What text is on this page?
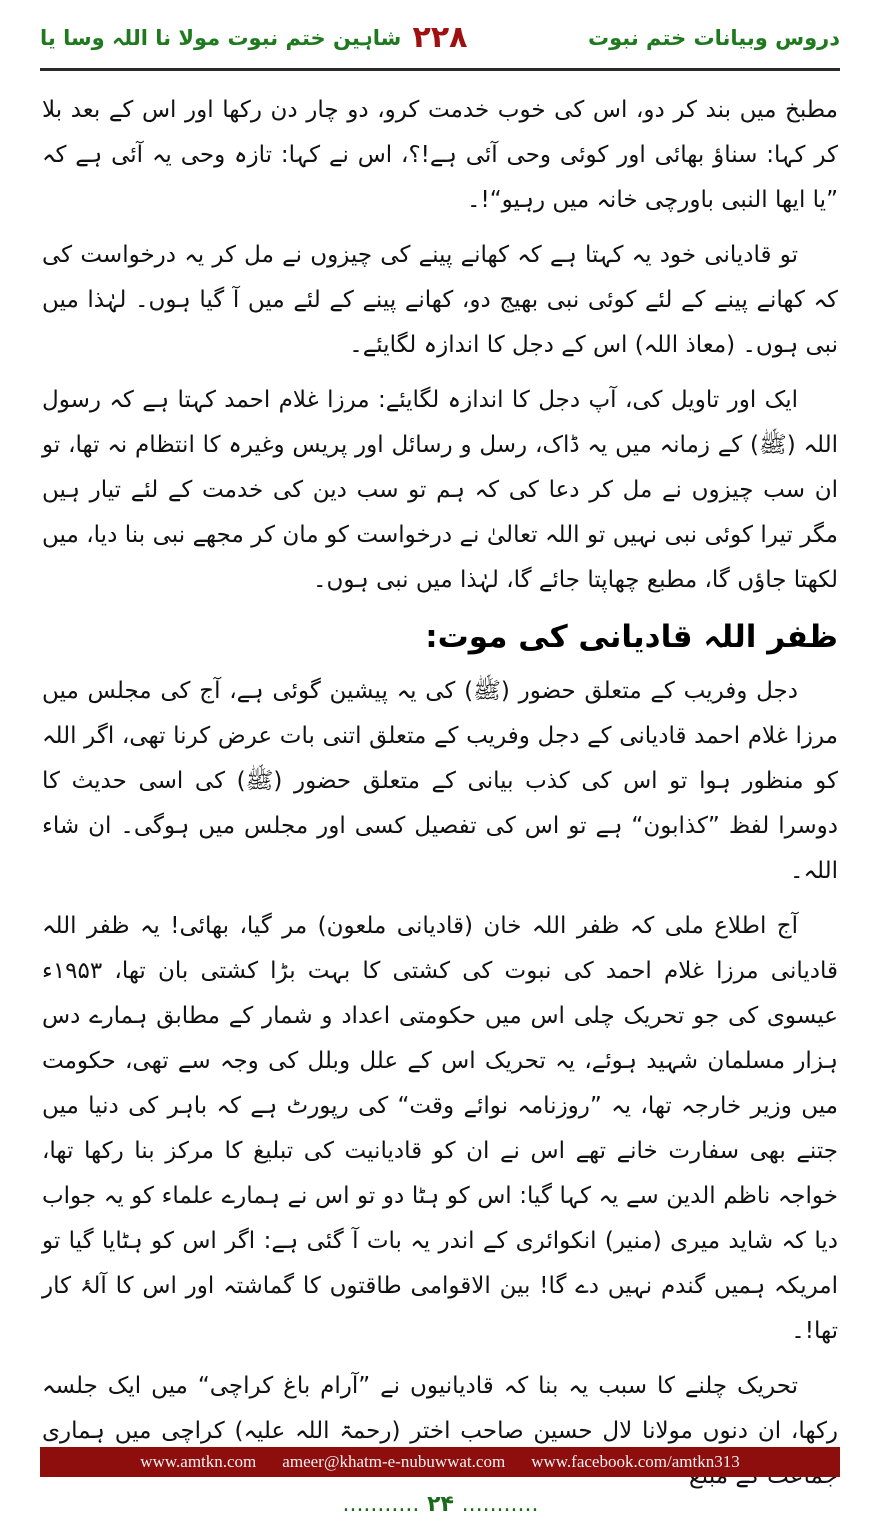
دروس وبیانات ختم نبوت
۲۲۸
شاہین ختم نبوت مولا نا اللہ وسا یا

مطبخ میں بند کر دو، اس کی خوب خدمت کرو، دو چار دن رکھا اور اس کے بعد بلا کر کہا: سناؤ بھائی اور کوئی وحی آئی ہے!؟، اس نے کہا: تازہ وحی یہ آئی ہے کہ ”یا ایھا النبی باورچی خانہ میں رہیو“!۔

تو قادیانی خود یہ کہتا ہے کہ کھانے پینے کی چیزوں نے مل کر یہ درخواست کی کہ کھانے پینے کے لئے کوئی نبی بھیج دو، کھانے پینے کے لئے میں آ گیا ہوں۔ لہٰذا میں نبی ہوں۔ (معاذ اللہ) اس کے دجل کا اندازہ لگایئے۔

ایک اور تاویل کی، آپ دجل کا اندازہ لگایئے: مرزا غلام احمد کہتا ہے کہ رسول اللہ (ﷺ) کے زمانہ میں یہ ڈاک، رسل و رسائل اور پریس وغیرہ کا انتظام نہ تھا، تو ان سب چیزوں نے مل کر دعا کی کہ ہم تو سب دین کی خدمت کے لئے تیار ہیں مگر تیرا کوئی نبی نہیں تو اللہ تعالیٰ نے درخواست کو مان کر مجھے نبی بنا دیا، میں لکھتا جاؤں گا، مطبع چھاپتا جائے گا، لہٰذا میں نبی ہوں۔

ظفر اللہ قادیانی کی موت:

دجل وفریب کے متعلق حضور (ﷺ) کی یہ پیشین گوئی ہے، آج کی مجلس میں مرزا غلام احمد قادیانی کے دجل وفریب کے متعلق اتنی بات عرض کرنا تھی، اگر اللہ کو منظور ہوا تو اس کی کذب بیانی کے متعلق حضور (ﷺ) کی اسی حدیث کا دوسرا لفظ ”کذابون“ ہے تو اس کی تفصیل کسی اور مجلس میں ہوگی۔ ان شاء اللہ۔

آج اطلاع ملی کہ ظفر اللہ خان (قادیانی ملعون) مر گیا، بھائی! یہ ظفر اللہ قادیانی مرزا غلام احمد کی نبوت کی کشتی کا بہت بڑا کشتی بان تھا، ۱۹۵۳ء عیسوی کی جو تحریک چلی اس میں حکومتی اعداد و شمار کے مطابق ہمارے دس ہزار مسلمان شہید ہوئے، یہ تحریک اس کے علل وبلل کی وجہ سے تھی، حکومت میں وزیر خارجہ تھا، یہ ”روزنامہ نوائے وقت“ کی رپورٹ ہے کہ باہر کی دنیا میں جتنے بھی سفارت خانے تھے اس نے ان کو قادیانیت کی تبلیغ کا مرکز بنا رکھا تھا، خواجہ ناظم الدین سے یہ کہا گیا: اس کو ہٹا دو تو اس نے ہمارے علماء کو یہ جواب دیا کہ شاید میری (منیر) انکوائری کے اندر یہ بات آ گئی ہے: اگر اس کو ہٹایا گیا تو امریکہ ہمیں گندم نہیں دے گا! بین الاقوامی طاقتوں کا گماشتہ اور اس کا آلۂ کار تھا!۔

تحریک چلنے کا سبب یہ بنا کہ قادیانیوں نے ”آرام باغ کراچی“ میں ایک جلسہ رکھا، ان دنوں مولانا لال حسین صاحب اختر (رحمۃ اللہ علیہ) کراچی میں ہماری

www.amtkn.com ameer@khatm-e-nubuwwat.com www.facebook.com/amtkn313
........... ۲۴ ...........
